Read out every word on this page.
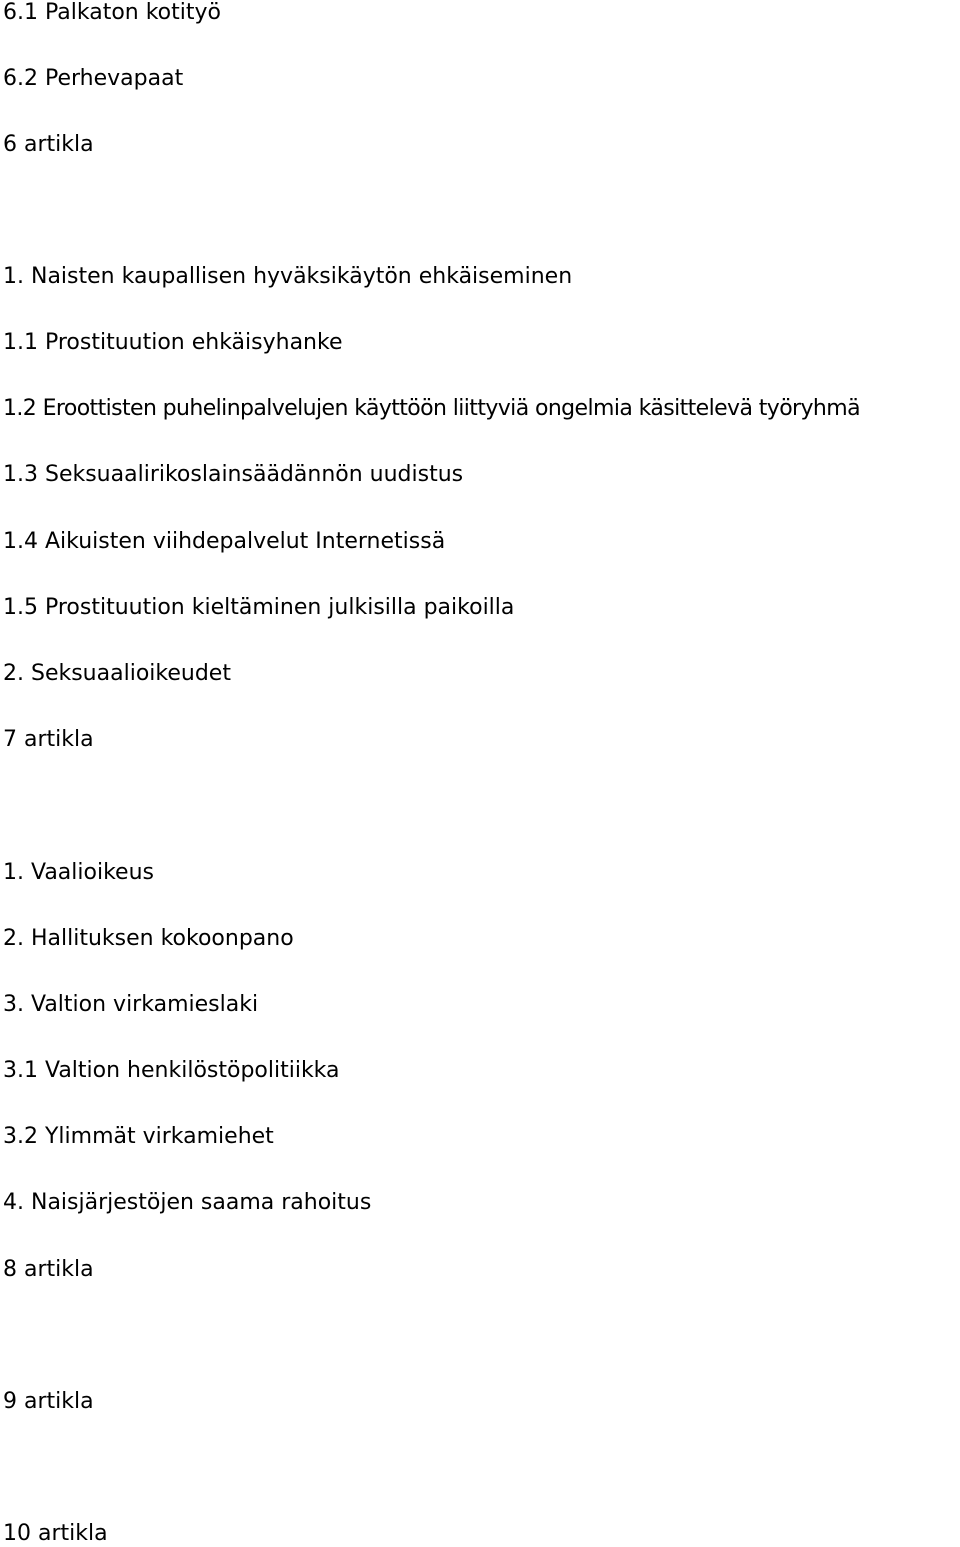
6.1 Palkaton kotityö

6.2 Perhevapaat

6 artikla

1. Naisten kaupallisen hyväksikäytön ehkäiseminen

1.1 Prostituution ehkäisyhanke

1.2 Eroottisten puhelinpalvelujen käyttöön liittyviä ongelmia käsittelevä työryhmä

1.3 Seksuaalirikoslainsäädännön uudistus

1.4 Aikuisten viihdepalvelut Internetissä

1.5 Prostituution kieltäminen julkisilla paikoilla

2. Seksuaalioikeudet

7 artikla

1. Vaalioikeus

2. Hallituksen kokoonpano

3. Valtion virkamieslaki

3.1 Valtion henkilöstöpolitiikka

3.2 Ylimmät virkamiehet

4. Naisjärjestöjen saama rahoitus

8 artikla

9 artikla

10 artikla
